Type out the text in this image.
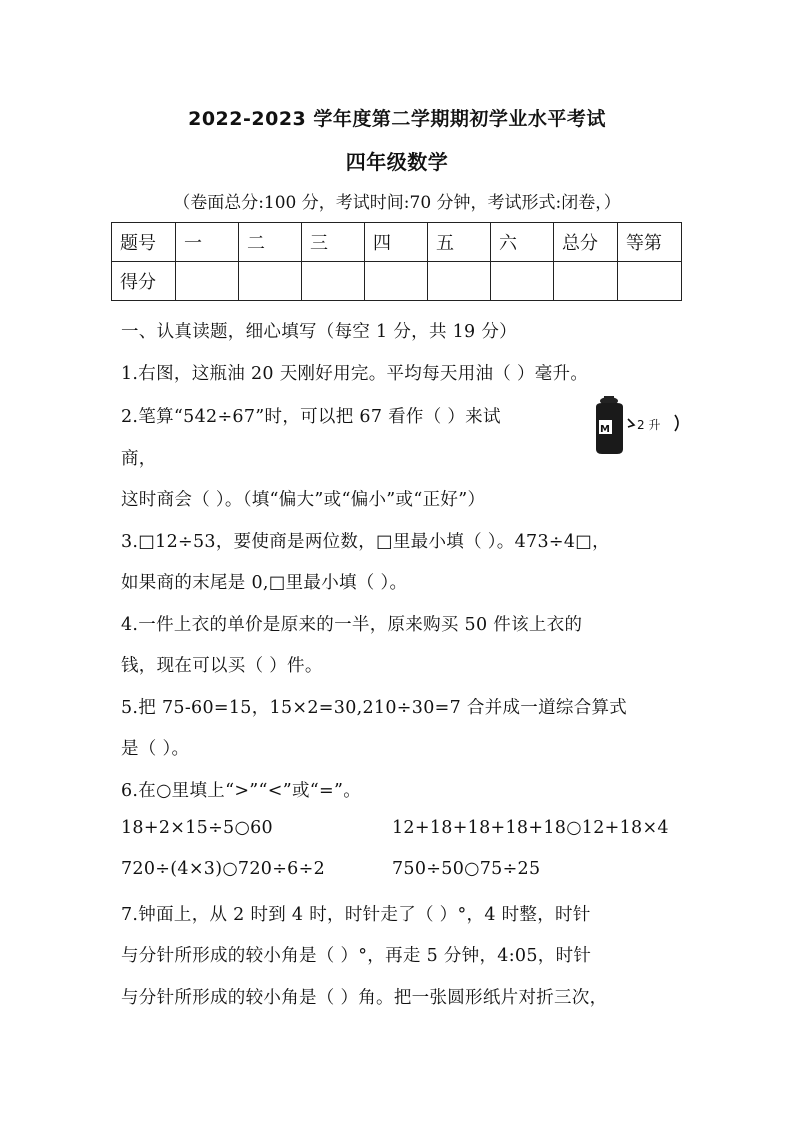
2022-2023 学年度第二学期期初学业水平考试
四年级数学
（卷面总分:100 分，考试时间:70 分钟，考试形式:闭卷，）
题号	一	二	三	四	五	六	总分	等第
得分								
一、认真读题，细心填写（每空 1 分，共 19 分）
1.右图，这瓶油 20 天刚好用完。平均每天用油（ ）毫升。
2.笔算“542÷67”时，可以把 67 看作（ ）来试
M 2 升
商，
这时商会（ ）。（填“偏大”或“偏小”或“正好”）
3.□12÷53，要使商是两位数，□里最小填（ ）。473÷4□，
如果商的末尾是 0,□里最小填（ ）。
4.一件上衣的单价是原来的一半，原来购买 50 件该上衣的
钱，现在可以买（ ）件。
5.把 75-60=15，15×2=30,210÷30=7 合并成一道综合算式
是（ ）。
6.在○里填上“>”“<”或“=”。
18+2×15÷5○60	12+18+18+18+18○12+18×4
720÷(4×3)○720÷6÷2	750÷50○75÷25
7.钟面上，从 2 时到 4 时，时针走了（ ）°，4 时整，时针
与分针所形成的较小角是（ ）°，再走 5 分钟，4:05，时针
与分针所形成的较小角是（ ）角。把一张圆形纸片对折三次，
